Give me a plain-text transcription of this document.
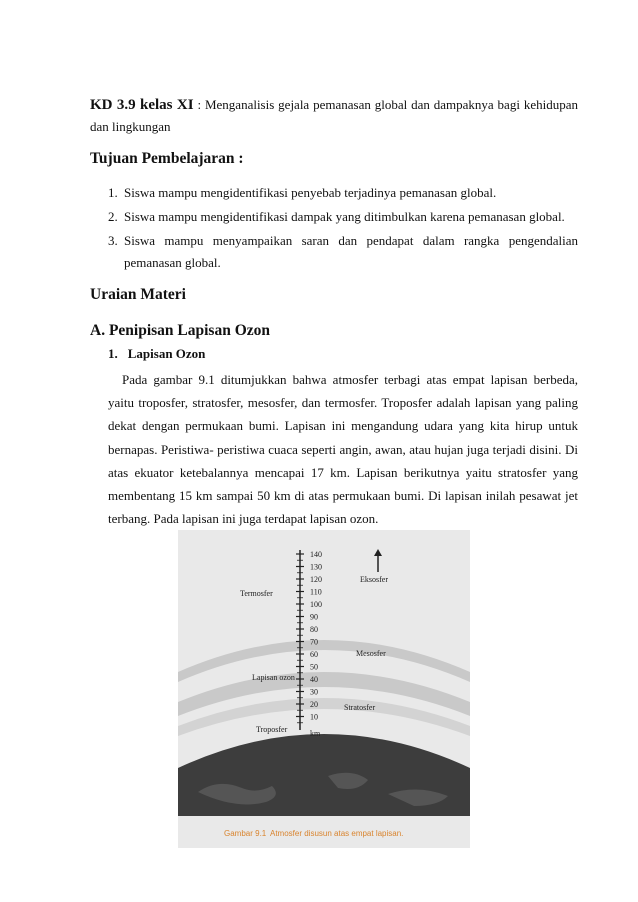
KD 3.9 kelas XI : Menganalisis gejala pemanasan global dan dampaknya bagi kehidupan dan lingkungan
Tujuan Pembelajaran :
1. Siswa mampu mengidentifikasi penyebab terjadinya pemanasan global.
2. Siswa mampu mengidentifikasi dampak yang ditimbulkan karena pemanasan global.
3. Siswa mampu menyampaikan saran dan pendapat dalam rangka pengendalian pemanasan global.
Uraian Materi
A. Penipisan Lapisan Ozon
1. Lapisan Ozon
Pada gambar 9.1 ditumjukkan bahwa atmosfer terbagi atas empat lapisan berbeda, yaitu troposfer, stratosfer, mesosfer, dan termosfer. Troposfer adalah lapisan yang paling dekat dengan permukaan bumi. Lapisan ini mengandung udara yang kita hirup untuk bernapas. Peristiwa- peristiwa cuaca seperti angin, awan, atau hujan juga terjadi disini. Di atas ekuator ketebalannya mencapai 17 km. Lapisan berikutnya yaitu stratosfer yang membentang 15 km sampai 50 km di atas permukaan bumi. Di lapisan inilah pesawat jet terbang. Pada lapisan ini juga terdapat lapisan ozon.
140
130
120
110
100
90
80
70
60
50
40
30
20
10
km
Eksosfer
Termosfer
Mesosfer
Lapisan ozon
Stratosfer
Troposfer
Gambar 9.1 Atmosfer disusun atas empat lapisan.
